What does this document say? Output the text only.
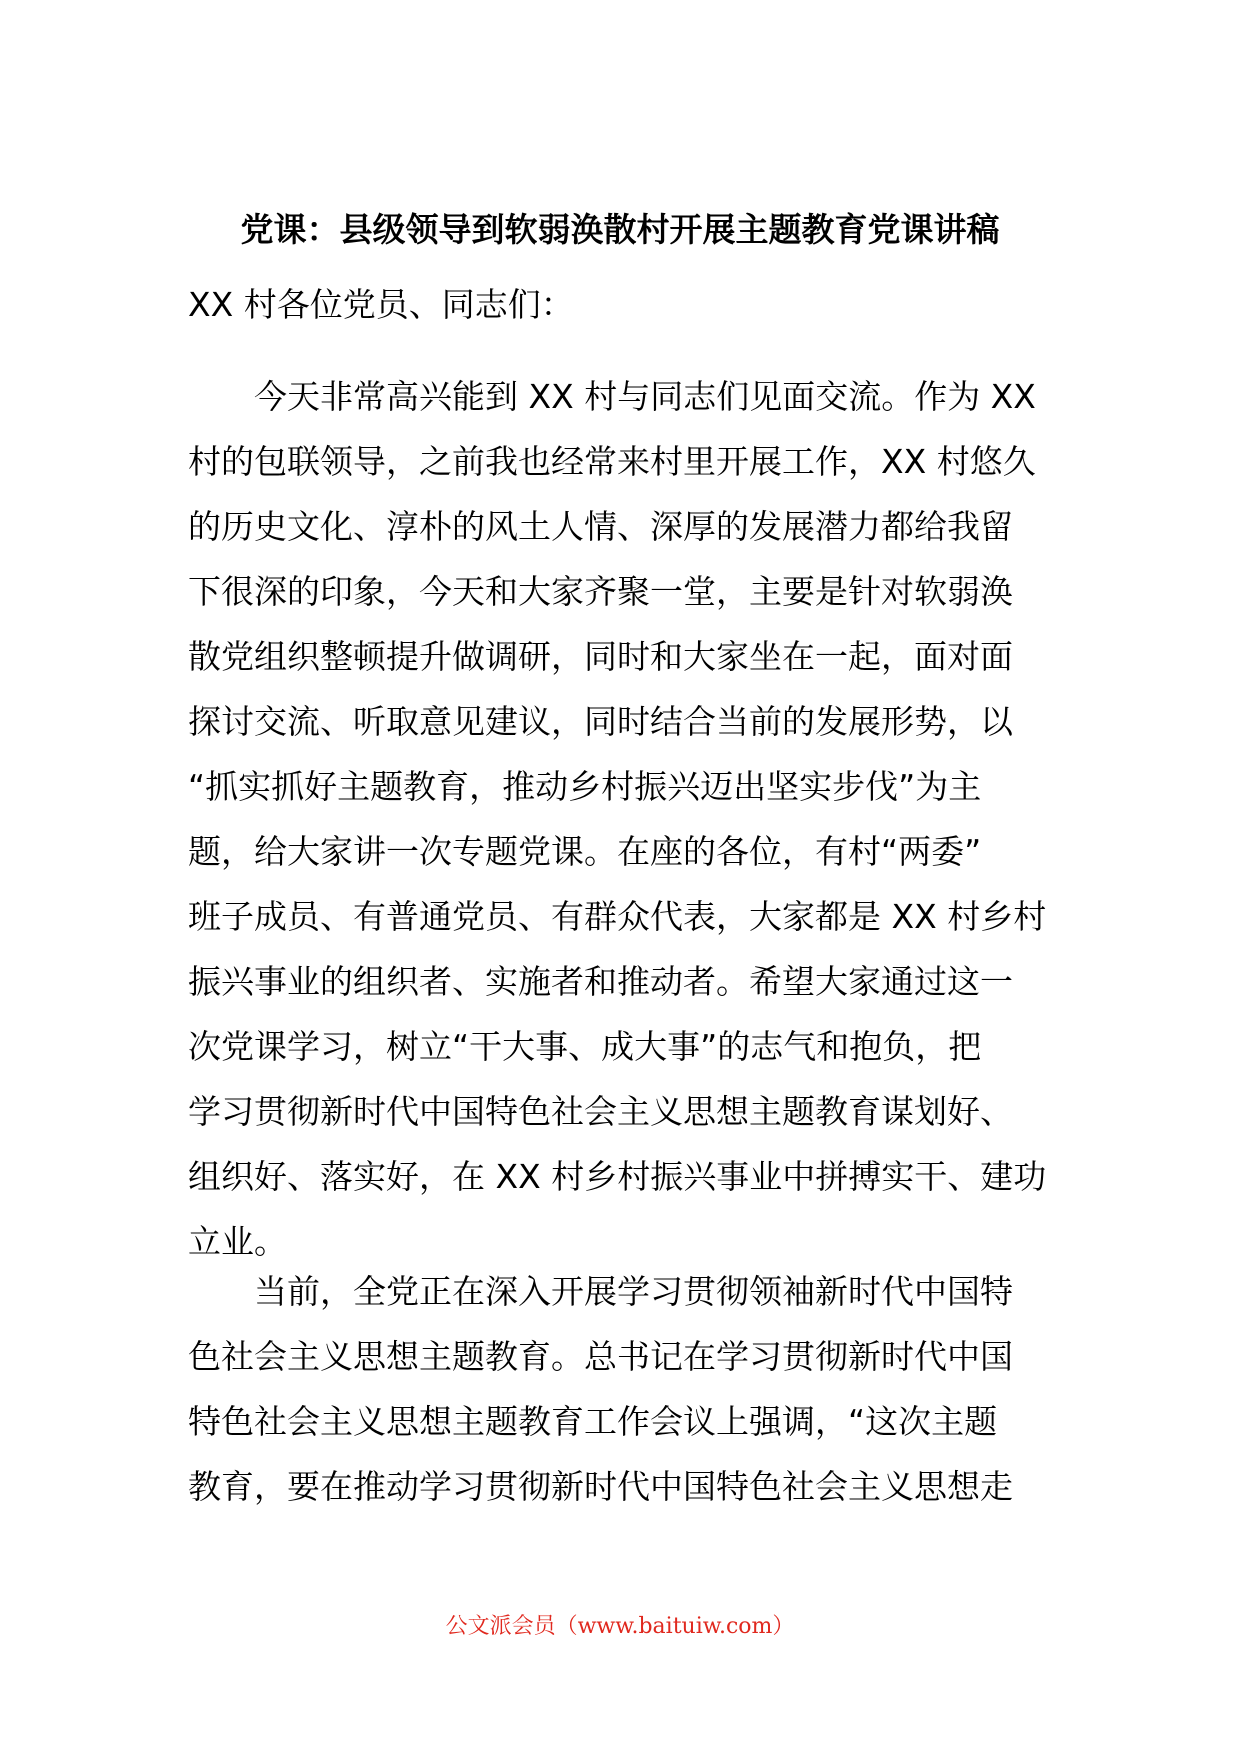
党课：县级领导到软弱涣散村开展主题教育党课讲稿
XX 村各位党员、同志们：
今天非常高兴能到 XX 村与同志们见面交流。作为 XX
村的包联领导，之前我也经常来村里开展工作，XX 村悠久
的历史文化、淳朴的风土人情、深厚的发展潜力都给我留
下很深的印象，今天和大家齐聚一堂，主要是针对软弱涣
散党组织整顿提升做调研，同时和大家坐在一起，面对面
探讨交流、听取意见建议，同时结合当前的发展形势，以
“抓实抓好主题教育，推动乡村振兴迈出坚实步伐”为主
题，给大家讲一次专题党课。在座的各位，有村“两委”
班子成员、有普通党员、有群众代表，大家都是 XX 村乡村
振兴事业的组织者、实施者和推动者。希望大家通过这一
次党课学习，树立“干大事、成大事”的志气和抱负，把
学习贯彻新时代中国特色社会主义思想主题教育谋划好、
组织好、落实好，在 XX 村乡村振兴事业中拼搏实干、建功
立业。
当前，全党正在深入开展学习贯彻领袖新时代中国特
色社会主义思想主题教育。总书记在学习贯彻新时代中国
特色社会主义思想主题教育工作会议上强调，“这次主题
教育，要在推动学习贯彻新时代中国特色社会主义思想走
公文派会员（www.baituiw.com）
